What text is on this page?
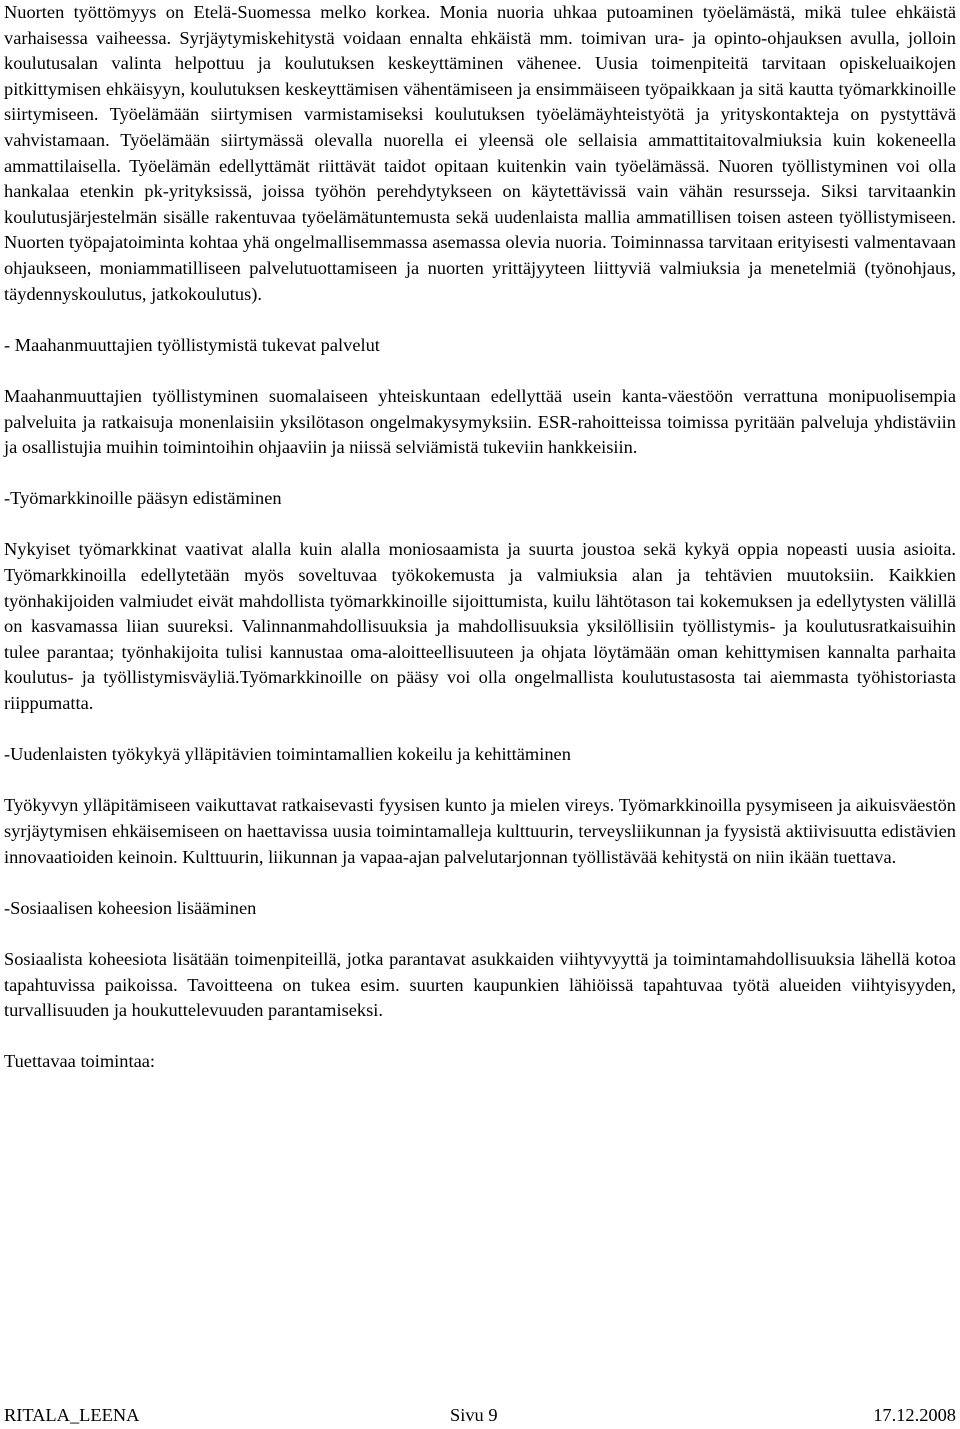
Nuorten työttömyys on Etelä-Suomessa melko korkea. Monia nuoria uhkaa putoaminen työelämästä, mikä tulee ehkäistä varhaisessa vaiheessa. Syrjäytymiskehitystä voidaan ennalta ehkäistä mm. toimivan ura- ja opinto-ohjauksen avulla, jolloin koulutusalan valinta helpottuu ja koulutuksen keskeyttäminen vähenee. Uusia toimenpiteitä tarvitaan opiskeluaikojen pitkittymisen ehkäisyyn, koulutuksen keskeyttämisen vähentämiseen ja ensimmäiseen työpaikkaan ja sitä kautta työmarkkinoille siirtymiseen. Työelämään siirtymisen varmistamiseksi koulutuksen työelämäyhteistyötä ja yrityskontakteja on pystyttävä vahvistamaan. Työelämään siirtymässä olevalla nuorella ei yleensä ole sellaisia ammattitaitovalmiuksia kuin kokeneella ammattilaisella. Työelämän edellyttämät riittävät taidot opitaan kuitenkin vain työelämässä. Nuoren työllistyminen voi olla hankalaa etenkin pk-yrityksissä, joissa työhön perehdytykseen on käytettävissä vain vähän resursseja. Siksi tarvitaankin koulutusjärjestelmän sisälle rakentuvaa työelämätuntemusta sekä uudenlaista mallia ammatillisen toisen asteen työllistymiseen. Nuorten työpajatoiminta kohtaa yhä ongelmallisemmassa asemassa olevia nuoria. Toiminnassa tarvitaan erityisesti valmentavaan ohjaukseen, moniammatilliseen palvelutuottamiseen ja nuorten yrittäjyyteen liittyviä valmiuksia ja menetelmiä (työnohjaus, täydennyskoulutus, jatkokoulutus).

- Maahanmuuttajien työllistymistä tukevat palvelut

Maahanmuuttajien työllistyminen suomalaiseen yhteiskuntaan edellyttää usein kanta-väestöön verrattuna monipuolisempia palveluita ja ratkaisuja monenlaisiin yksilötason ongelmakysymyksiin. ESR-rahoitteissa toimissa pyritään palveluja yhdistäviin ja osallistujia muihin toimintoihin ohjaaviin ja niissä selviämistä tukeviin hankkeisiin.

-Työmarkkinoille pääsyn edistäminen

Nykyiset työmarkkinat vaativat alalla kuin alalla moniosaamista ja suurta joustoa sekä kykyä oppia nopeasti uusia asioita. Työmarkkinoilla edellytetään myös soveltuvaa työkokemusta ja valmiuksia alan ja tehtävien muutoksiin. Kaikkien työnhakijoiden valmiudet eivät mahdollista työmarkkinoille sijoittumista, kuilu lähtötason tai kokemuksen ja edellytysten välillä on kasvamassa liian suureksi. Valinnanmahdollisuuksia ja mahdollisuuksia yksilöllisiin työllistymis- ja koulutusratkaisuihin tulee parantaa; työnhakijoita tulisi kannustaa oma-aloitteellisuuteen ja ohjata löytämään oman kehittymisen kannalta parhaita koulutus- ja työllistymisväyliä.Työmarkkinoille on pääsy voi olla ongelmallista koulutustasosta tai aiemmasta työhistoriasta riippumatta.

-Uudenlaisten työkykyä ylläpitävien toimintamallien kokeilu ja kehittäminen

Työkyvyn ylläpitämiseen vaikuttavat ratkaisevasti fyysisen kunto ja mielen vireys. Työmarkkinoilla pysymiseen ja aikuisväestön syrjäytymisen ehkäisemiseen on haettavissa uusia toimintamalleja kulttuurin, terveysliikunnan ja fyysistä aktiivisuutta edistävien innovaatioiden keinoin. Kulttuurin, liikunnan ja vapaa-ajan palvelutarjonnan työllistävää kehitystä on niin ikään tuettava.

-Sosiaalisen koheesion lisääminen

Sosiaalista koheesiota lisätään toimenpiteillä, jotka parantavat asukkaiden viihtyvyyttä ja toimintamahdollisuuksia lähellä kotoa tapahtuvissa paikoissa. Tavoitteena on tukea esim. suurten kaupunkien lähiöissä tapahtuvaa työtä alueiden viihtyisyyden, turvallisuuden ja houkuttelevuuden parantamiseksi.

Tuettavaa toimintaa:

RITALA_LEENA	Sivu 9	17.12.2008
